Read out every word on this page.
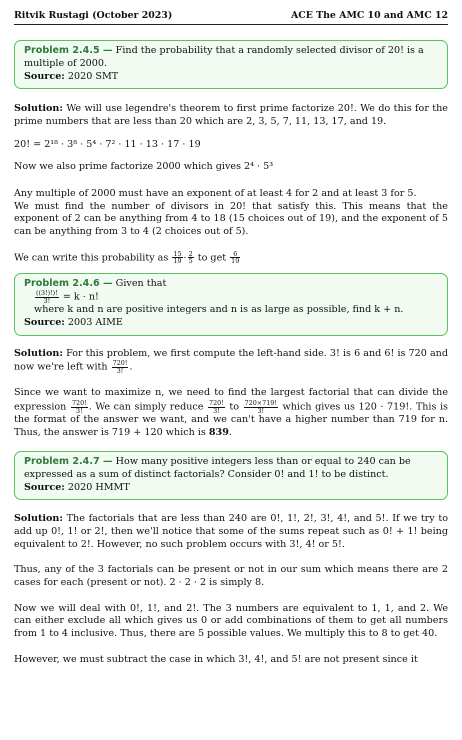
Ritvik Rustagi (October 2023)	ACE The AMC 10 and AMC 12

Problem 2.4.5 — Find the probability that a randomly selected divisor of 20! is a multiple of 2000.

Source: 2020 SMT

Solution: We will use legendre's theorem to first prime factorize 20!. We do this for the prime numbers that are less than 20 which are 2, 3, 5, 7, 11, 13, 17, and 19.

20! = 2¹⁸ · 3⁸ · 5⁴ · 7² · 11 · 13 · 17 · 19

Now we also prime factorize 2000 which gives 2⁴ · 5³

Any multiple of 2000 must have an exponent of at least 4 for 2 and at least 3 for 5.

We must find the number of divisors in 20! that satisfy this. This means that the exponent of 2 can be anything from 4 to 18 (15 choices out of 19), and the exponent of 5 can be anything from 3 to 4 (2 choices out of 5).

We can write this probability as $\frac{15}{19} \cdot \frac{2}{5}$ to get $\frac{6}{19}$

Problem 2.4.6 — Given that

$\frac{((3!)!)!}{3!} = k \cdot n$!

where k and n are positive integers and n is as large as possible, find k + n.

Source: 2003 AIME

Solution: For this problem, we first compute the left-hand side. 3! is 6 and 6! is 720 and now we're left with $\frac{720!}{3!}$ .

Since we want to maximize n, we need to find the largest factorial that can divide the expression $\frac{720!}{3!}$ . We can simply reduce $\frac{720!}{3!}$ to $\frac{720\times 719!}{3!}$ which gives us 120 · 719!. This is the format of the answer we want, and we can't have a higher number than 719 for n. Thus, the answer is 719 + 120 which is 839.

Problem 2.4.7 — How many positive integers less than or equal to 240 can be expressed as a sum of distinct factorials? Consider 0! and 1! to be distinct.

Source: 2020 HMMT

Solution: The factorials that are less than 240 are 0!, 1!, 2!, 3!, 4!, and 5!. If we try to add up 0!, 1! or 2!, then we'll notice that some of the sums repeat such as 0! + 1! being equivalent to 2!. However, no such problem occurs with 3!, 4! or 5!.

Thus, any of the 3 factorials can be present or not in our sum which means there are 2 cases for each (present or not). 2 · 2 · 2 is simply 8.

Now we will deal with 0!, 1!, and 2!. The 3 numbers are equivalent to 1, 1, and 2. We can either exclude all which gives us 0 or add combinations of them to get all numbers from 1 to 4 inclusive. Thus, there are 5 possible values. We multiply this to 8 to get 40.

However, we must subtract the case in which 3!, 4!, and 5! are not present since it
